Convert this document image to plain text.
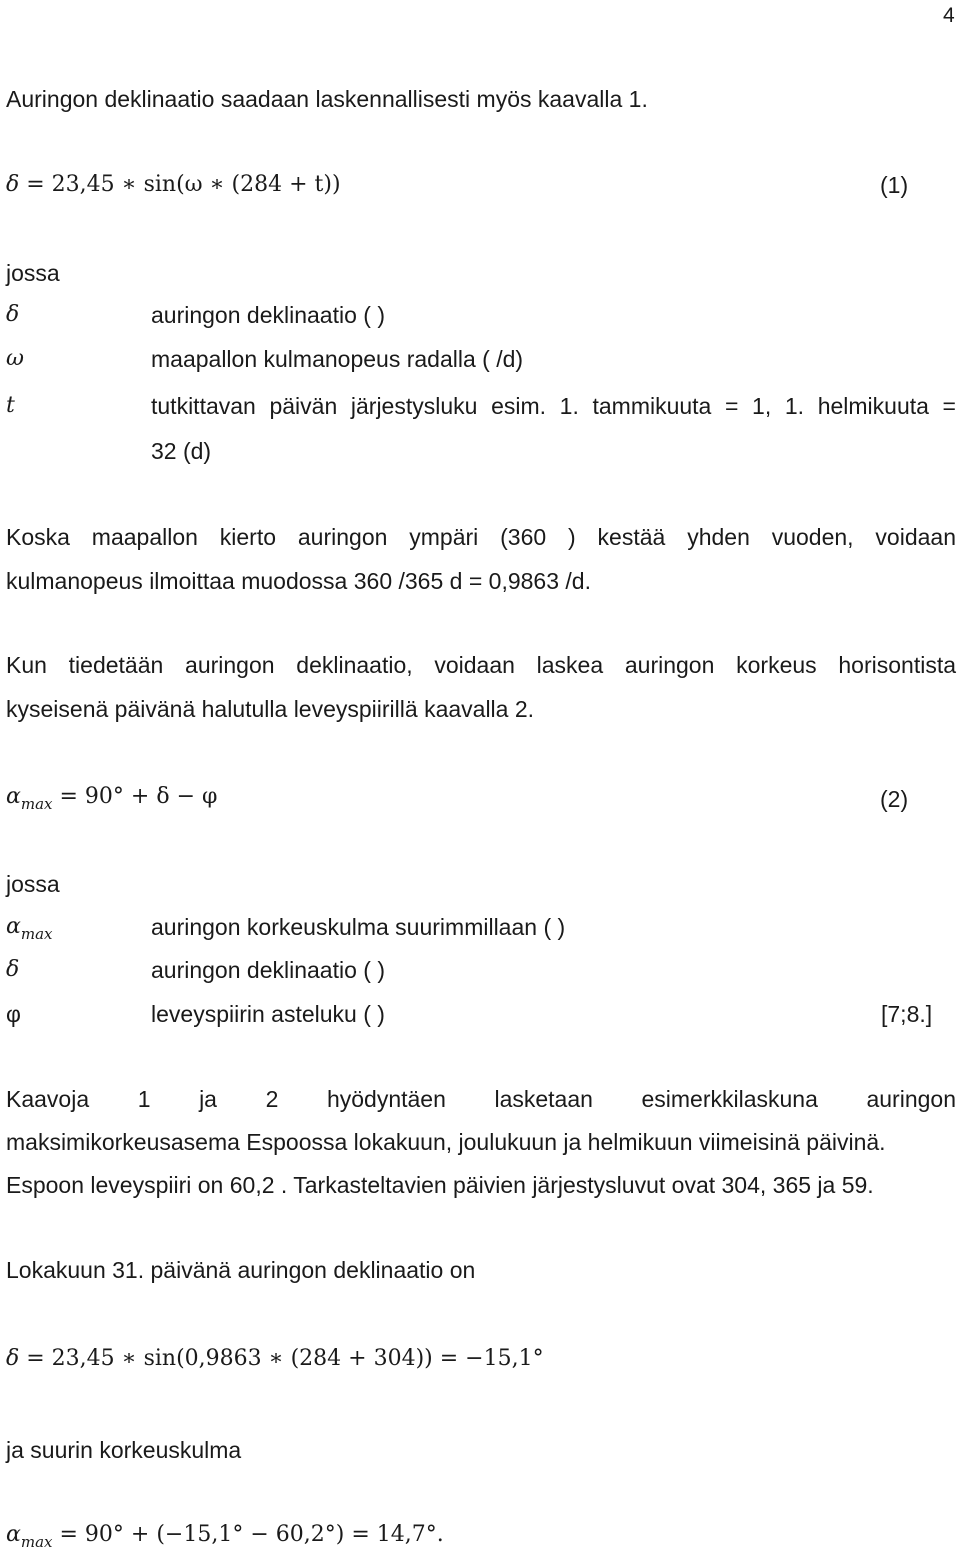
4
Auringon deklinaatio saadaan laskennallisesti myös kaavalla 1.
δ = 23,45 ∗ sin(ω ∗ (284 + t))	(1)
jossa
δ	auringon deklinaatio ( )
ω	maapallon kulmanopeus radalla ( /d)
t	tutkittavan päivän järjestysluku esim. 1. tammikuuta = 1, 1. helmikuuta =
32 (d)
Koska maapallon kierto auringon ympäri (360 ) kestää yhden vuoden, voidaan
kulmanopeus ilmoittaa muodossa 360 /365 d = 0,9863 /d.
Kun tiedetään auringon deklinaatio, voidaan laskea auringon korkeus horisontista
kyseisenä päivänä halutulla leveyspiirillä kaavalla 2.
$\alpha_{max} = 90^\circ + \delta - \varphi$	(2)
jossa
$\alpha_{max}$	auringon korkeuskulma suurimmillaan ( )
δ	auringon deklinaatio ( )
φ	leveyspiirin asteluku ( )	[7;8.]
Kaavoja 1 ja 2 hyödyntäen lasketaan esimerkkilaskuna auringon
maksimikorkeusasema Espoossa lokakuun, joulukuun ja helmikuun viimeisinä päivinä.
Espoon leveyspiiri on 60,2 . Tarkasteltavien päivien järjestysluvut ovat 304, 365 ja 59.
Lokakuun 31. päivänä auringon deklinaatio on
δ = 23,45 ∗ sin(0,9863 ∗ (284 + 304)) = −15,1°
ja suurin korkeuskulma
$\alpha_{max} = 90^\circ + (-15,1^\circ - 60,2^\circ) = 14,7^\circ$.
